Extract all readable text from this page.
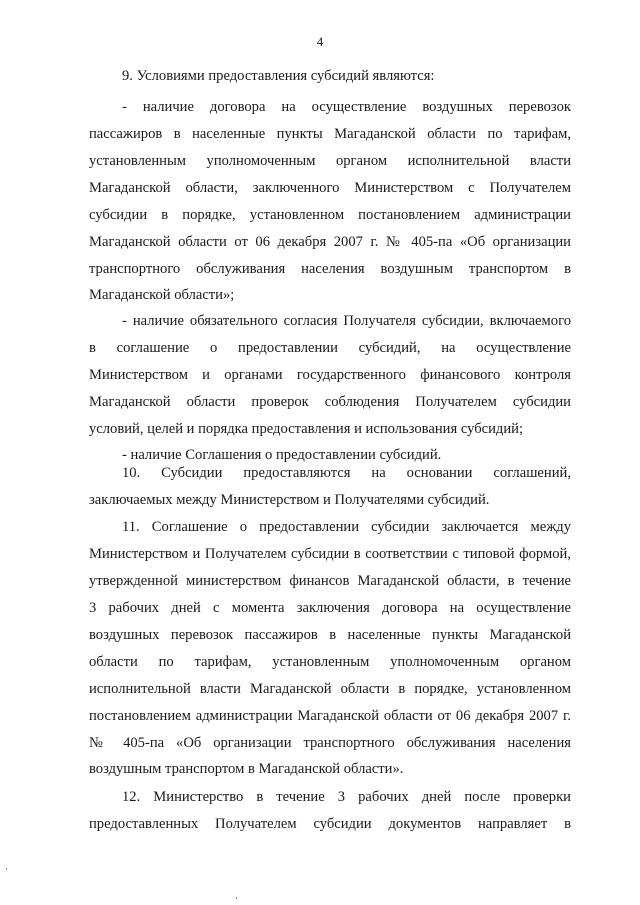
4
9. Условиями предоставления субсидий являются:
- наличие договора на осуществление воздушных перевозок
пассажиров в населенные пункты Магаданской области по тарифам,
установленным уполномоченным органом исполнительной власти
Магаданской области, заключенного Министерством с Получателем
субсидии в порядке, установленном постановлением администрации
Магаданской области от 06 декабря 2007 г. № 405-па «Об организации
транспортного обслуживания населения воздушным транспортом в
Магаданской области»;
- наличие обязательного согласия Получателя субсидии, включаемого
в соглашение о предоставлении субсидий, на осуществление
Министерством и органами государственного финансового контроля
Магаданской области проверок соблюдения Получателем субсидии
условий, целей и порядка предоставления и использования субсидий;
- наличие Соглашения о предоставлении субсидий.
10. Субсидии предоставляются на основании соглашений,
заключаемых между Министерством и Получателями субсидий.
11. Соглашение о предоставлении субсидии заключается между
Министерством и Получателем субсидии в соответствии с типовой формой,
утвержденной министерством финансов Магаданской области, в течение
3 рабочих дней с момента заключения договора на осуществление
воздушных перевозок пассажиров в населенные пункты Магаданской
области по тарифам, установленным уполномоченным органом
исполнительной власти Магаданской области в порядке, установленном
постановлением администрации Магаданской области от 06 декабря 2007 г.
№ 405-па «Об организации транспортного обслуживания населения
воздушным транспортом в Магаданской области».
12. Министерство в течение 3 рабочих дней после проверки
предоставленных Получателем субсидии документов направляет в
